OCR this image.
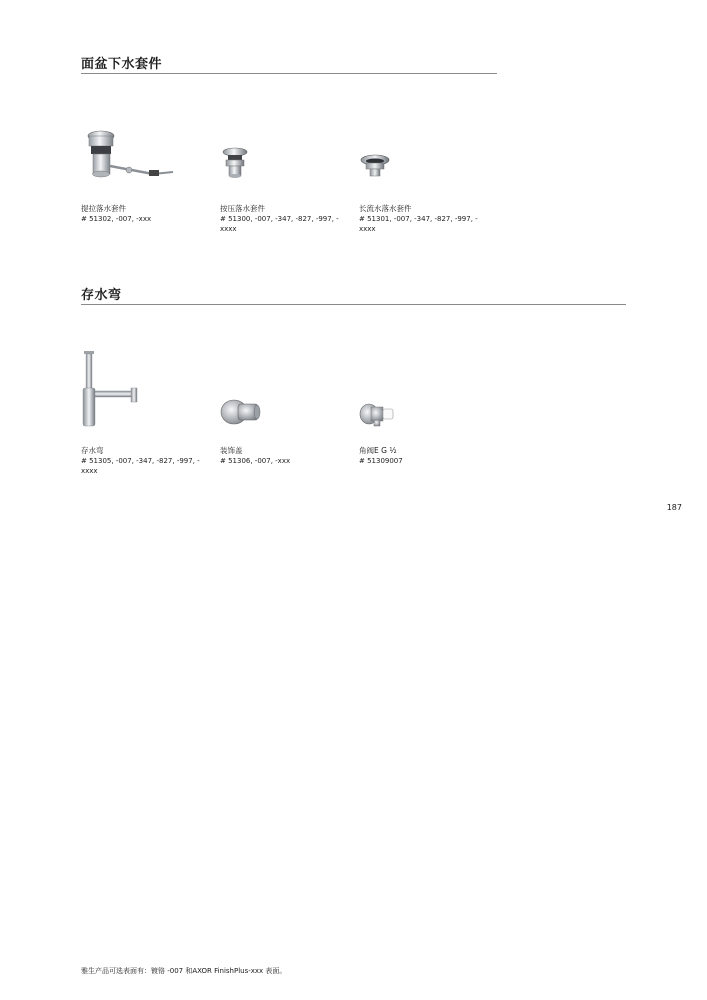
面盆下水套件
提拉落水套件
# 51302, -007, -xxx
按压落水套件
# 51300, -007, -347, -827, -997, -xxxx
长流水落水套件
# 51301, -007, -347, -827, -997, -xxxx
存水弯
存水弯
# 51305, -007, -347, -827, -997, -xxxx
装饰盖
# 51306, -007, -xxx
角阀E G ½
# 51309007
187
雅生产品可选表面有：镀铬 -007 和AXOR FinishPlus-xxx 表面。
